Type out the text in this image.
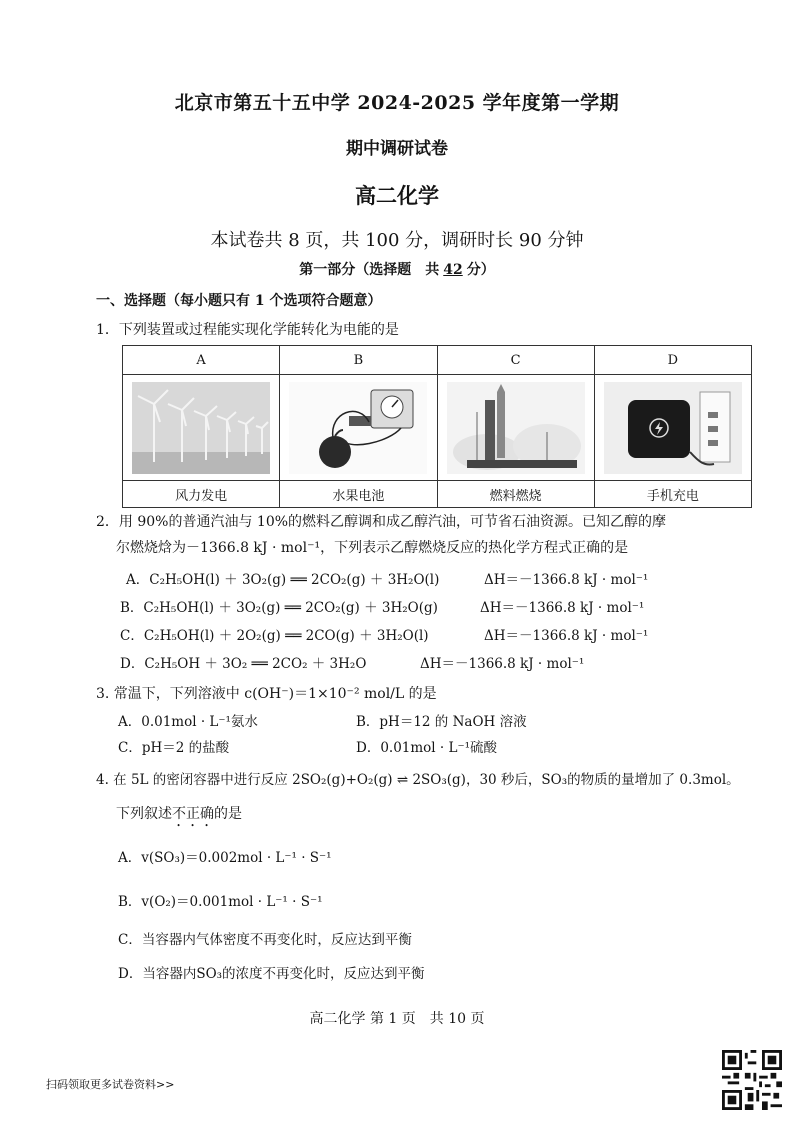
北京市第五十五中学 2024-2025 学年度第一学期
期中调研试卷
高二化学
本试卷共 8 页，共 100 分，调研时长 90 分钟
第一部分（选择题　共 42 分）
一、选择题（每小题只有 1 个选项符合题意）
1．下列装置或过程能实现化学能转化为电能的是
A	B	C	D

风力发电	水果电池	燃料燃烧	手机充电
2．用 90%的普通汽油与 10%的燃料乙醇调和成乙醇汽油，可节省石油资源。已知乙醇的摩
尔燃烧焓为－1366.8 kJ · mol⁻¹，下列表示乙醇燃烧反应的热化学方程式正确的是
A．C₂H₅OH(l) ＋ 3O₂(g) ══ 2CO₂(g) ＋ 3H₂O(l)	ΔH＝－1366.8 kJ · mol⁻¹
B．C₂H₅OH(l) ＋ 3O₂(g) ══ 2CO₂(g) ＋ 3H₂O(g)	ΔH＝－1366.8 kJ · mol⁻¹
C．C₂H₅OH(l) ＋ 2O₂(g) ══ 2CO(g) ＋ 3H₂O(l)	ΔH＝－1366.8 kJ · mol⁻¹
D．C₂H₅OH ＋ 3O₂ ══ 2CO₂ ＋ 3H₂O	ΔH＝－1366.8 kJ · mol⁻¹
3. 常温下，下列溶液中 c(OH⁻)＝1×10⁻² mol/L 的是
A．0.01mol · L⁻¹氨水	B．pH＝12 的 NaOH 溶液
C．pH＝2 的盐酸	D．0.01mol · L⁻¹硫酸
4. 在 5L 的密闭容器中进行反应 2SO₂(g)+O₂(g) ⇌ 2SO₃(g)，30 秒后，SO₃的物质的量增加了 0.3mol。
下列叙述不正确的是
A．v(SO₃)＝0.002mol · L⁻¹ · S⁻¹
B．v(O₂)＝0.001mol · L⁻¹ · S⁻¹
C．当容器内气体密度不再变化时，反应达到平衡
D．当容器内SO₃的浓度不再变化时，反应达到平衡
高二化学 第 1 页　共 10 页
扫码领取更多试卷资料>>
